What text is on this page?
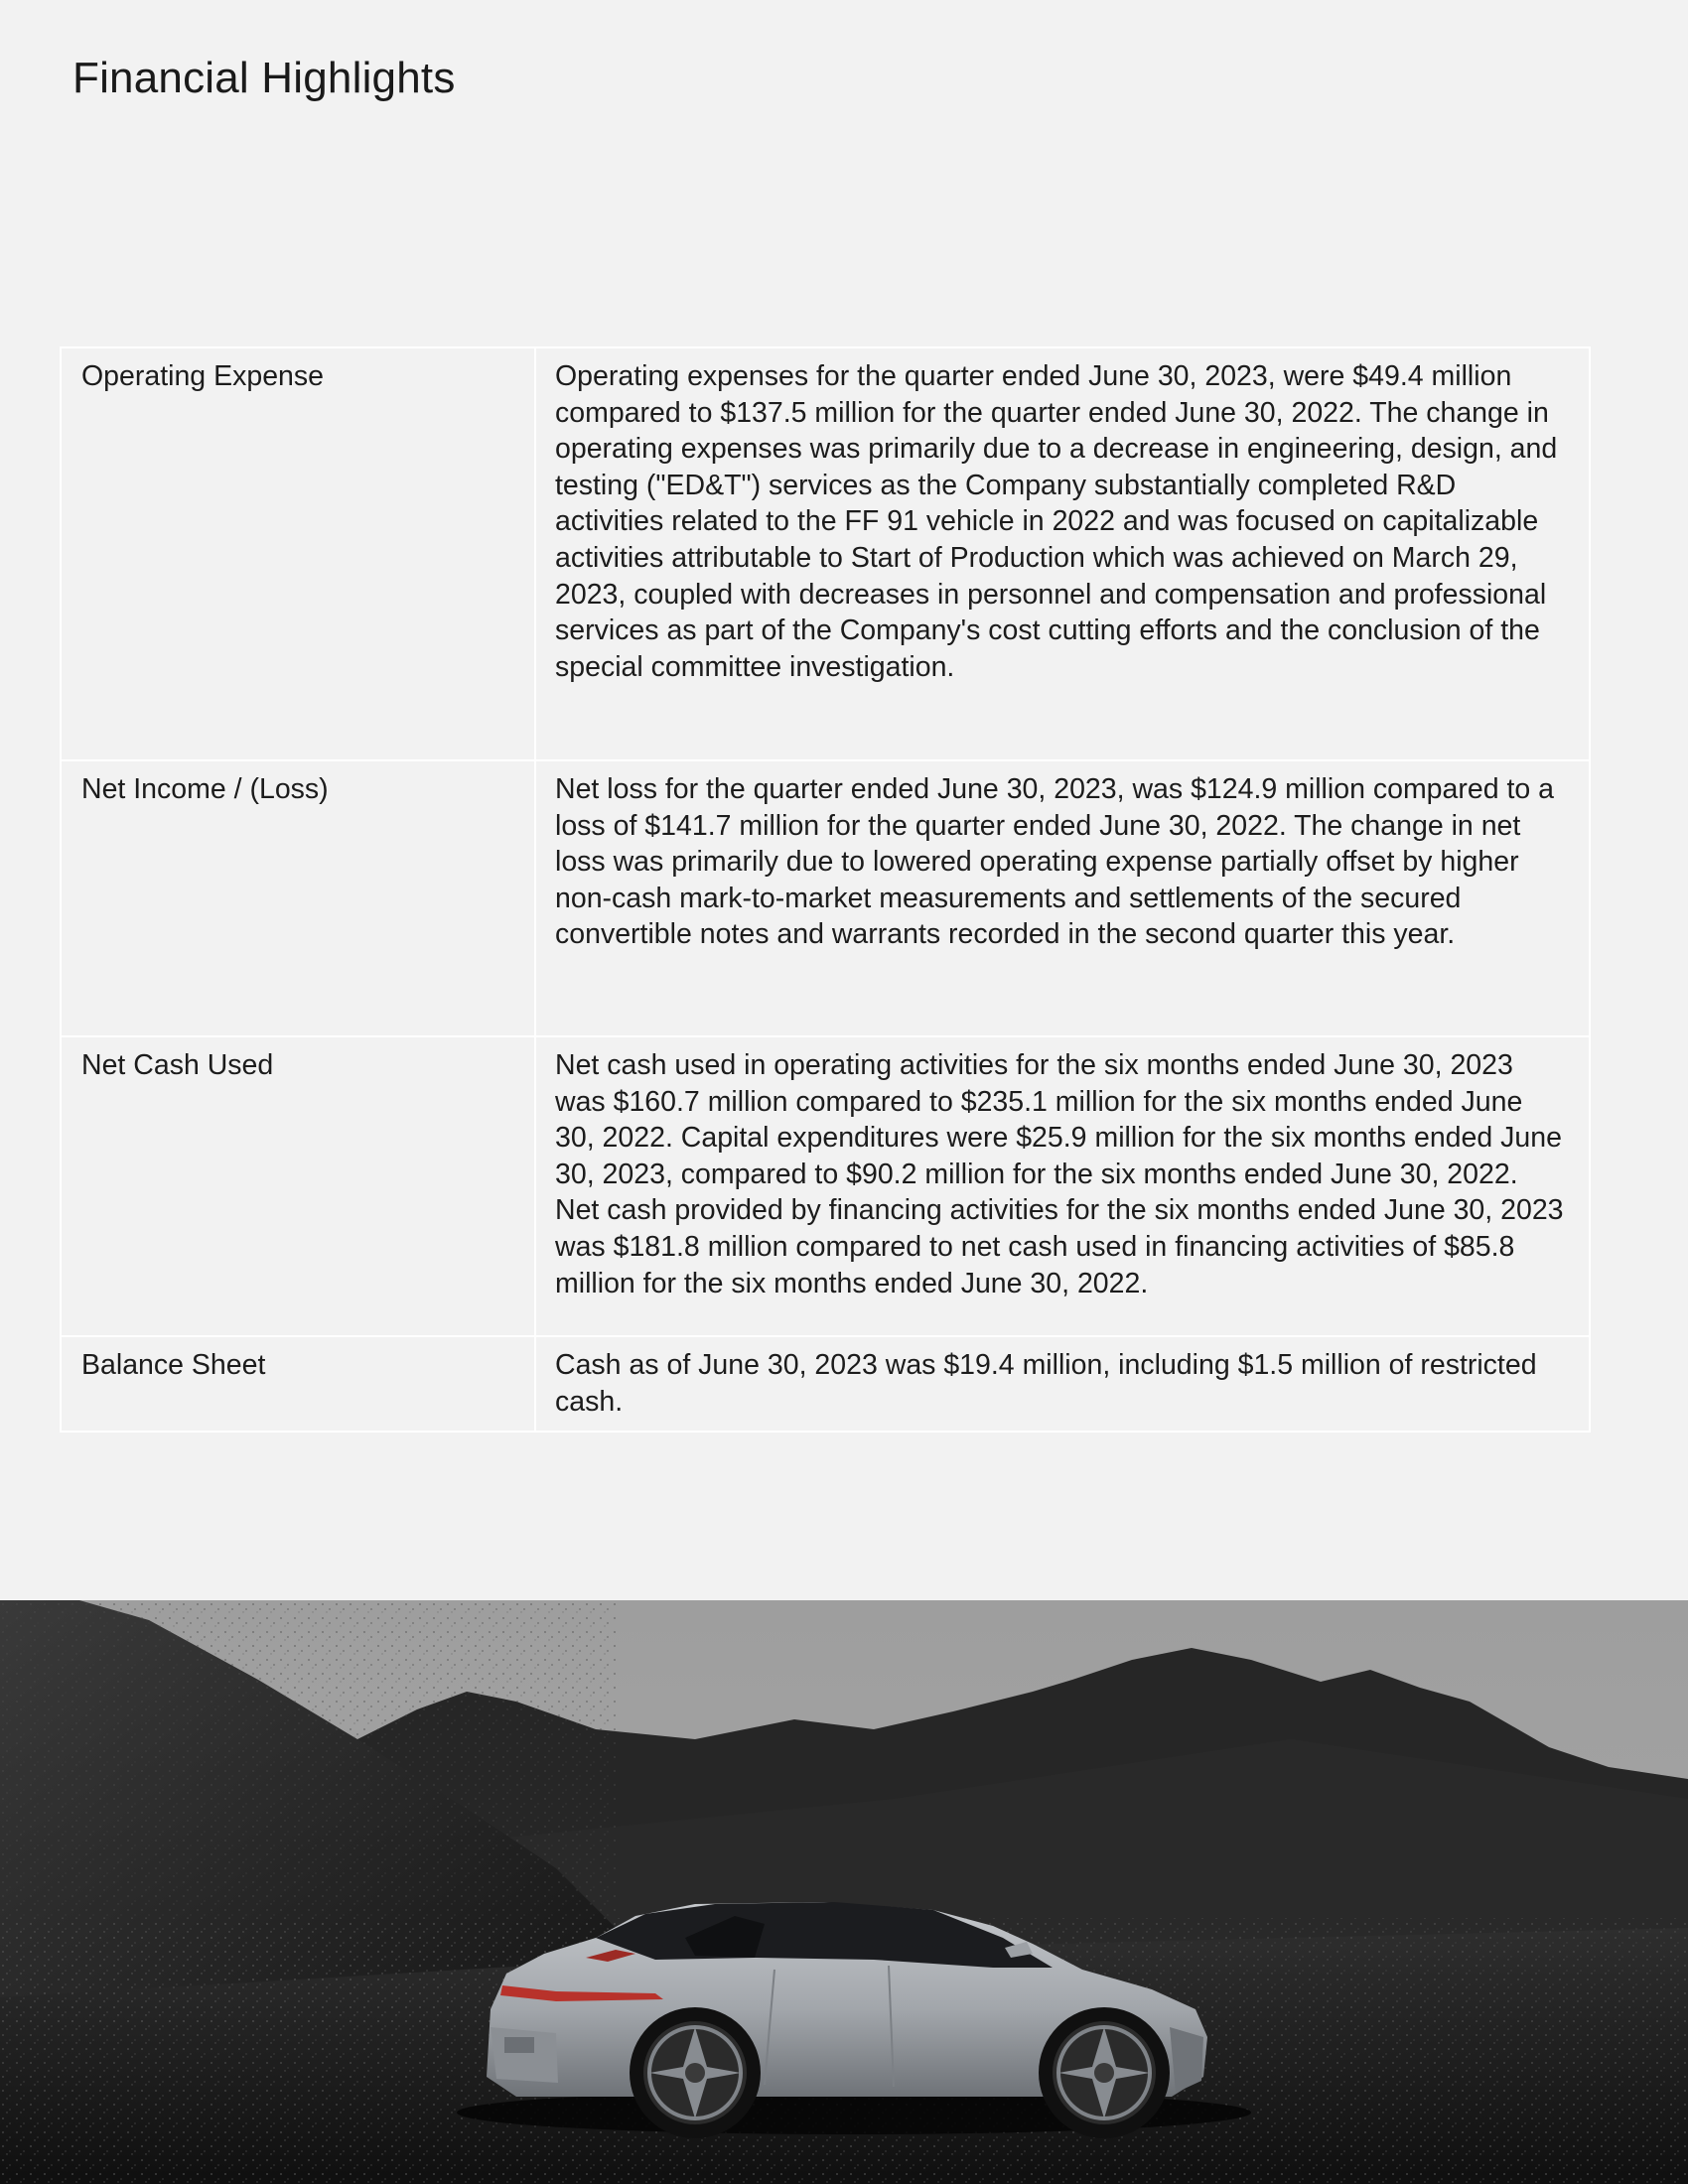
Financial Highlights
Operating Expense	Operating expenses for the quarter ended June 30, 2023, were $49.4 million compared to $137.5 million for the quarter ended June 30, 2022. The change in operating expenses was primarily due to a decrease in engineering, design, and testing ("ED&T") services as the Company substantially completed R&D activities related to the FF 91 vehicle in 2022 and was focused on capitalizable activities attributable to Start of Production which was achieved on March 29, 2023, coupled with decreases in personnel and compensation and professional services as part of the Company's cost cutting efforts and the conclusion of the special committee investigation.
Net Income / (Loss)	Net loss for the quarter ended June 30, 2023, was $124.9 million compared to a loss of $141.7 million for the quarter ended June 30, 2022. The change in net loss was primarily due to lowered operating expense partially offset by higher non-cash mark-to-market measurements and settlements of the secured convertible notes and warrants recorded in the second quarter this year.
Net Cash Used	Net cash used in operating activities for the six months ended June 30, 2023 was $160.7 million compared to $235.1 million for the six months ended June 30, 2022. Capital expenditures were $25.9 million for the six months ended June 30, 2023, compared to $90.2 million for the six months ended June 30, 2022. Net cash provided by financing activities for the six months ended June 30, 2023 was $181.8 million compared to net cash used in financing activities of $85.8 million for the six months ended June 30, 2022.
Balance Sheet	Cash as of June 30, 2023 was $19.4 million, including $1.5 million of restricted cash.
